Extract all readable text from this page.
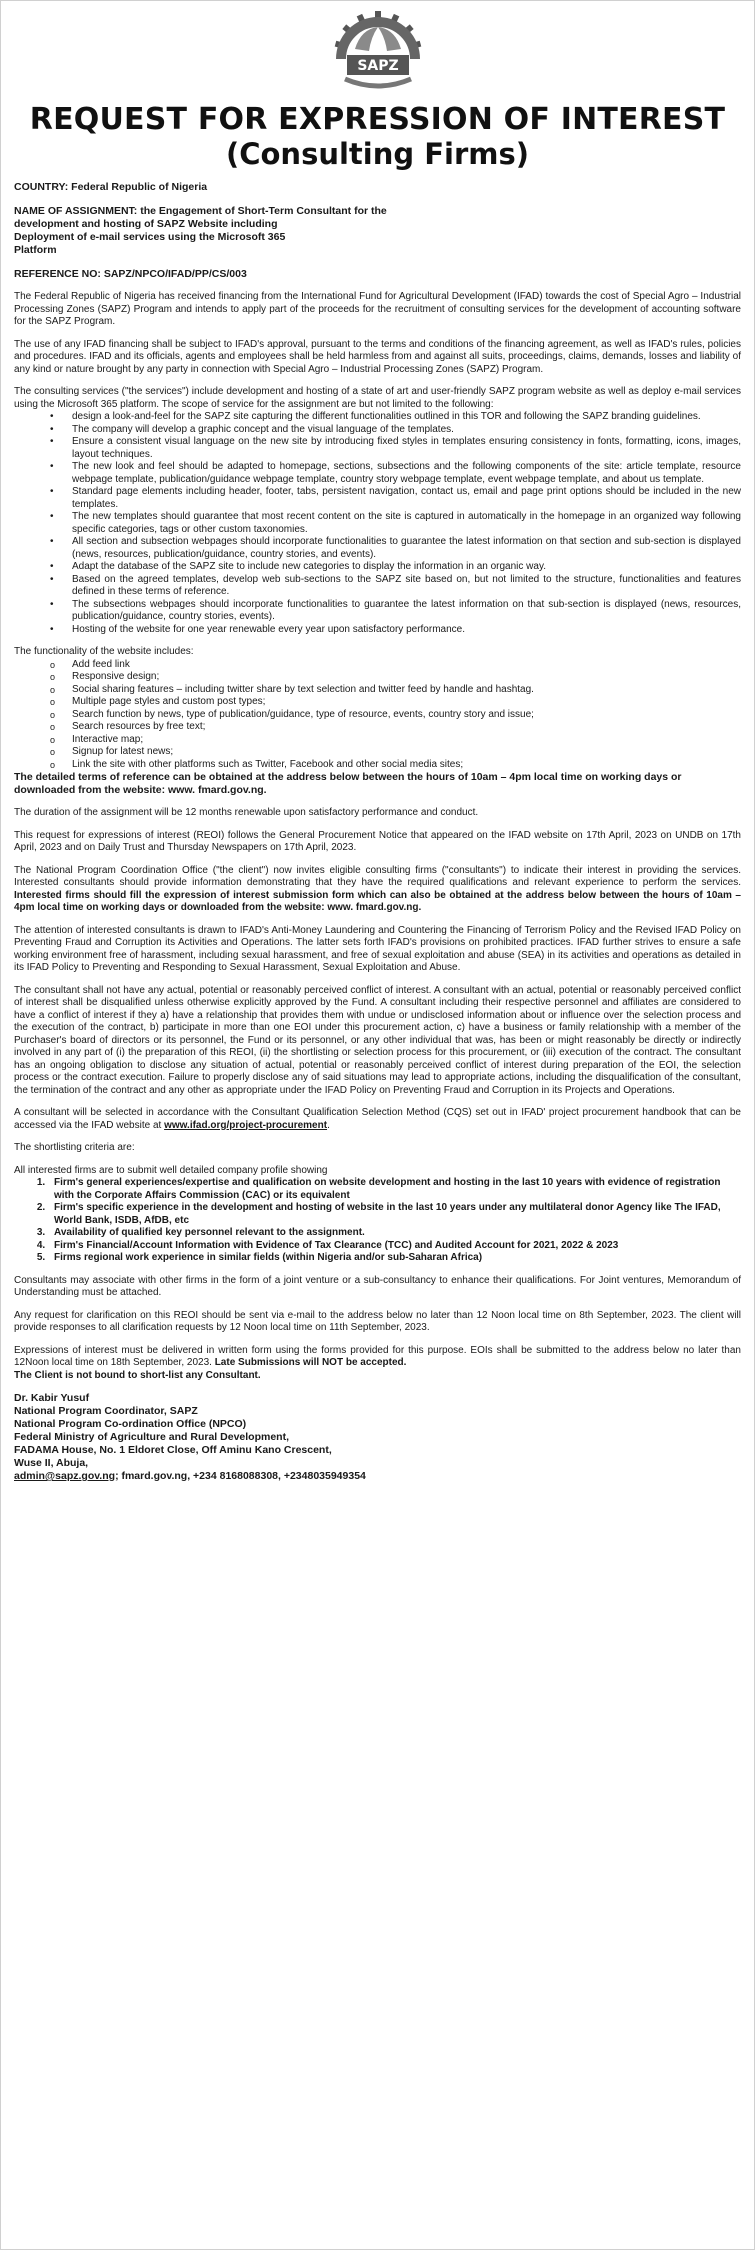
SAPZ
REQUEST FOR EXPRESSION OF INTEREST
(Consulting Firms)

COUNTRY: Federal Republic of Nigeria

NAME OF ASSIGNMENT: the Engagement of Short-Term Consultant for the

development and hosting of SAPZ Website including

Deployment of e-mail services using the Microsoft 365

Platform

REFERENCE NO: SAPZ/NPCO/IFAD/PP/CS/003

The Federal Republic of Nigeria has received financing from the International Fund for Agricultural Development (IFAD) towards the cost of Special Agro – Industrial Processing Zones (SAPZ) Program and intends to apply part of the proceeds for the recruitment of consulting services for the development of accounting software for the SAPZ Program.

The use of any IFAD financing shall be subject to IFAD's approval, pursuant to the terms and conditions of the financing agreement, as well as IFAD's rules, policies and procedures. IFAD and its officials, agents and employees shall be held harmless from and against all suits, proceedings, claims, demands, losses and liability of any kind or nature brought by any party in connection with Special Agro – Industrial Processing Zones (SAPZ) Program.

The consulting services ("the services") include development and hosting of a state of art and user-friendly SAPZ program website as well as deploy e-mail services using the Microsoft 365 platform. The scope of service for the assignment are but not limited to the following:

• design a look-and-feel for the SAPZ site capturing the different functionalities outlined in this TOR and following the SAPZ branding guidelines.
• The company will develop a graphic concept and the visual language of the templates.
• Ensure a consistent visual language on the new site by introducing fixed styles in templates ensuring consistency in fonts, formatting, icons, images, layout techniques.
• The new look and feel should be adapted to homepage, sections, subsections and the following components of the site: article template, resource webpage template, publication/guidance webpage template, country story webpage template, event webpage template, and about us template.
• Standard page elements including header, footer, tabs, persistent navigation, contact us, email and page print options should be included in the new templates.
• The new templates should guarantee that most recent content on the site is captured in automatically in the homepage in an organized way following specific categories, tags or other custom taxonomies.
• All section and subsection webpages should incorporate functionalities to guarantee the latest information on that section and sub-section is displayed (news, resources, publication/guidance, country stories, and events).
• Adapt the database of the SAPZ site to include new categories to display the information in an organic way.
• Based on the agreed templates, develop web sub-sections to the SAPZ site based on, but not limited to the structure, functionalities and features defined in these terms of reference.
• The subsections webpages should incorporate functionalities to guarantee the latest information on that sub-section is displayed (news, resources, publication/guidance, country stories, events).
• Hosting of the website for one year renewable every year upon satisfactory performance.

The functionality of the website includes:

o Add feed link
o Responsive design;
o Social sharing features – including twitter share by text selection and twitter feed by handle and hashtag.
o Multiple page styles and custom post types;
o Search function by news, type of publication/guidance, type of resource, events, country story and issue;
o Search resources by free text;
o Interactive map;
o Signup for latest news;
o Link the site with other platforms such as Twitter, Facebook and other social media sites;

The detailed terms of reference can be obtained at the address below between the hours of 10am – 4pm local time on working days or downloaded from the website: www. fmard.gov.ng.

The duration of the assignment will be 12 months renewable upon satisfactory performance and conduct.

This request for expressions of interest (REOI) follows the General Procurement Notice that appeared on the IFAD website on 17th April, 2023 on UNDB on 17th April, 2023 and on Daily Trust and Thursday Newspapers on 17th April, 2023.

The National Program Coordination Office ("the client") now invites eligible consulting firms ("consultants") to indicate their interest in providing the services. Interested consultants should provide information demonstrating that they have the required qualifications and relevant experience to perform the services. Interested firms should fill the expression of interest submission form which can also be obtained at the address below between the hours of 10am – 4pm local time on working days or downloaded from the website: www. fmard.gov.ng.

The attention of interested consultants is drawn to IFAD's Anti-Money Laundering and Countering the Financing of Terrorism Policy and the Revised IFAD Policy on Preventing Fraud and Corruption its Activities and Operations. The latter sets forth IFAD's provisions on prohibited practices. IFAD further strives to ensure a safe working environment free of harassment, including sexual harassment, and free of sexual exploitation and abuse (SEA) in its activities and operations as detailed in its IFAD Policy to Preventing and Responding to Sexual Harassment, Sexual Exploitation and Abuse.

The consultant shall not have any actual, potential or reasonably perceived conflict of interest. A consultant with an actual, potential or reasonably perceived conflict of interest shall be disqualified unless otherwise explicitly approved by the Fund. A consultant including their respective personnel and affiliates are considered to have a conflict of interest if they a) have a relationship that provides them with undue or undisclosed information about or influence over the selection process and the execution of the contract, b) participate in more than one EOI under this procurement action, c) have a business or family relationship with a member of the Purchaser's board of directors or its personnel, the Fund or its personnel, or any other individual that was, has been or might reasonably be directly or indirectly involved in any part of (i) the preparation of this REOI, (ii) the shortlisting or selection process for this procurement, or (iii) execution of the contract. The consultant has an ongoing obligation to disclose any situation of actual, potential or reasonably perceived conflict of interest during preparation of the EOI, the selection process or the contract execution. Failure to properly disclose any of said situations may lead to appropriate actions, including the disqualification of the consultant, the termination of the contract and any other as appropriate under the IFAD Policy on Preventing Fraud and Corruption in its Projects and Operations.

A consultant will be selected in accordance with the Consultant Qualification Selection Method (CQS) set out in IFAD' project procurement handbook that can be accessed via the IFAD website at www.ifad.org/project-procurement.

The shortlisting criteria are:

All interested firms are to submit well detailed company profile showing

1. Firm's general experiences/expertise and qualification on website development and hosting in the last 10 years with evidence of registration with the Corporate Affairs Commission (CAC) or its equivalent
2. Firm's specific experience in the development and hosting of website in the last 10 years under any multilateral donor Agency like The IFAD, World Bank, ISDB, AfDB, etc
3. Availability of qualified key personnel relevant to the assignment.
4. Firm's Financial/Account Information with Evidence of Tax Clearance (TCC) and Audited Account for 2021, 2022 & 2023
5. Firms regional work experience in similar fields (within Nigeria and/or sub-Saharan Africa)

Consultants may associate with other firms in the form of a joint venture or a sub-consultancy to enhance their qualifications. For Joint ventures, Memorandum of Understanding must be attached.

Any request for clarification on this REOI should be sent via e-mail to the address below no later than 12 Noon local time on 8th September, 2023. The client will provide responses to all clarification requests by 12 Noon local time on 11th September, 2023.

Expressions of interest must be delivered in written form using the forms provided for this purpose. EOIs shall be submitted to the address below no later than 12Noon local time on 18th September, 2023. Late Submissions will NOT be accepted.
The Client is not bound to short-list any Consultant.

Dr. Kabir Yusuf

National Program Coordinator, SAPZ

National Program Co-ordination Office (NPCO)

Federal Ministry of Agriculture and Rural Development,

FADAMA House, No. 1 Eldoret Close, Off Aminu Kano Crescent,

Wuse II, Abuja,

admin@sapz.gov.ng; fmard.gov.ng, +234 8168088308, +2348035949354
